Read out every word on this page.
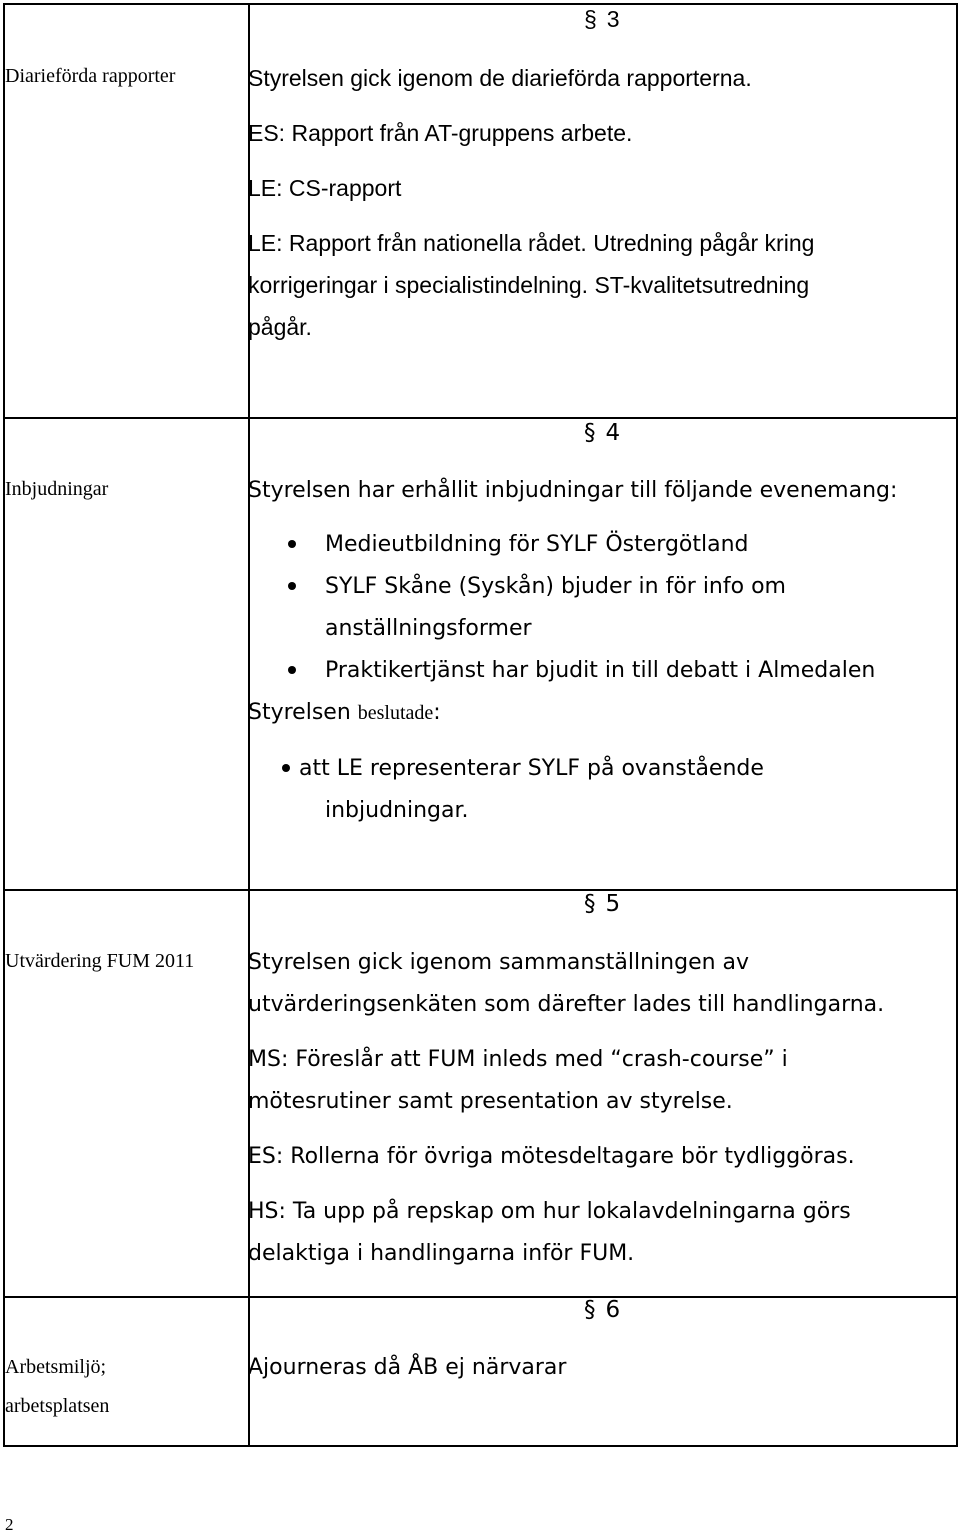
§ 3
Diarieförda rapporter	Styrelsen gick igenom de diarieförda rapporterna.
ES: Rapport från AT-gruppens arbete.
LE: CS-rapport
LE: Rapport från nationella rådet. Utredning pågår kring
korrigeringar i specialistindelning. ST-kvalitetsutredning
pågår.
§ 4
Inbjudningar	Styrelsen har erhållit inbjudningar till följande evenemang:
Medieutbildning för SYLF Östergötland
SYLF Skåne (Syskån) bjuder in för info om
anställningsformer
Praktikertjänst har bjudit in till debatt i Almedalen
Styrelsen beslutade:
att LE representerar SYLF på ovanstående
inbjudningar.
§ 5
Utvärdering FUM 2011 Styrelsen gick igenom sammanställningen av
utvärderingsenkäten som därefter lades till handlingarna.
MS: Föreslår att FUM inleds med “crash-course” i
mötesrutiner samt presentation av styrelse.
ES: Rollerna för övriga mötesdeltagare bör tydliggöras.
HS: Ta upp på repskap om hur lokalavdelningarna görs
delaktiga i handlingarna inför FUM.
§ 6
Arbetsmiljö;
arbetsplatsen
Ajourneras då ÅB ej närvarar
2
